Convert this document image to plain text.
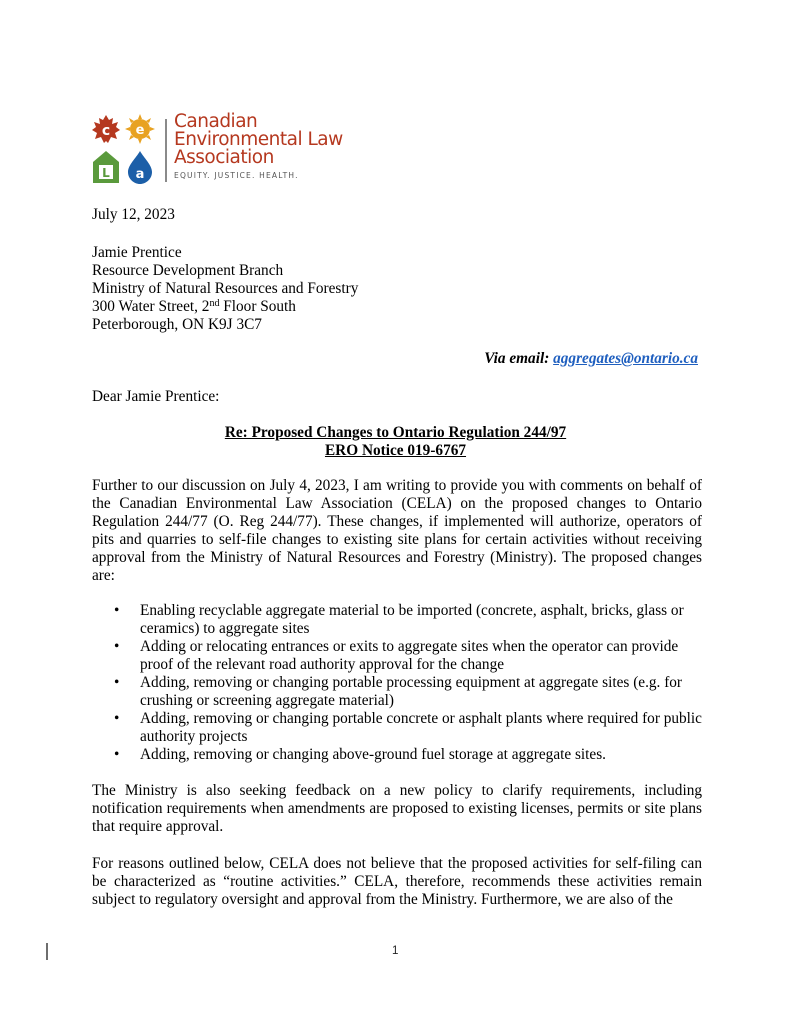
c e
L a
Canadian
Environmental Law
Association
EQUITY. JUSTICE. HEALTH.
July 12, 2023
Jamie Prentice
Resource Development Branch
Ministry of Natural Resources and Forestry
300 Water Street, 2nd Floor South
Peterborough, ON K9J 3C7
Via email: aggregates@ontario.ca
Dear Jamie Prentice:
Re: Proposed Changes to Ontario Regulation 244/97
ERO Notice 019-6767
Further to our discussion on July 4, 2023, I am writing to provide you with comments on behalf of the Canadian Environmental Law Association (CELA) on the proposed changes to Ontario Regulation 244/77 (O. Reg 244/77). These changes, if implemented will authorize, operators of pits and quarries to self-file changes to existing site plans for certain activities without receiving approval from the Ministry of Natural Resources and Forestry (Ministry). The proposed changes are:
• Enabling recyclable aggregate material to be imported (concrete, asphalt, bricks, glass or ceramics) to aggregate sites
• Adding or relocating entrances or exits to aggregate sites when the operator can provide proof of the relevant road authority approval for the change
• Adding, removing or changing portable processing equipment at aggregate sites (e.g. for crushing or screening aggregate material)
• Adding, removing or changing portable concrete or asphalt plants where required for public authority projects
• Adding, removing or changing above-ground fuel storage at aggregate sites.
The Ministry is also seeking feedback on a new policy to clarify requirements, including notification requirements when amendments are proposed to existing licenses, permits or site plans that require approval.
For reasons outlined below, CELA does not believe that the proposed activities for self-filing can be characterized as “routine activities.” CELA, therefore, recommends these activities remain subject to regulatory oversight and approval from the Ministry. Furthermore, we are also of the
1
